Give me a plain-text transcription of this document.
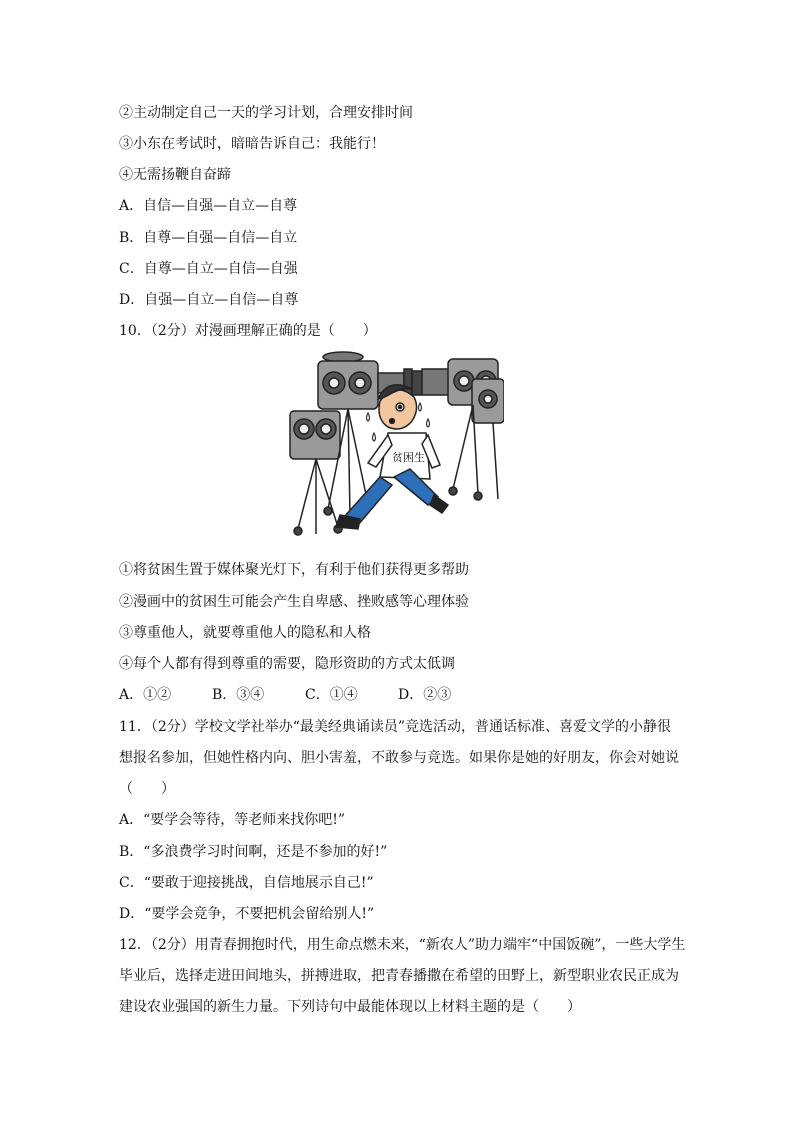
②主动制定自己一天的学习计划，合理安排时间
③小东在考试时，暗暗告诉自己：我能行！
④无需扬鞭自奋蹄
A．自信—自强—自立—自尊
B．自尊—自强—自信—自立
C．自尊—自立—自信—自强
D．自强—自立—自信—自尊
10．（2分）对漫画理解正确的是（　　）
贫困生
①将贫困生置于媒体聚光灯下，有利于他们获得更多帮助
②漫画中的贫困生可能会产生自卑感、挫败感等心理体验
③尊重他人，就要尊重他人的隐私和人格
④每个人都有得到尊重的需要，隐形资助的方式太低调
A．①②	B．③④	C．①④	D．②③
11．（2分）学校文学社举办“最美经典诵读员”竞选活动，普通话标准、喜爱文学的小静很
想报名参加，但她性格内向、胆小害羞，不敢参与竞选。如果你是她的好朋友，你会对她说
（　　）
A．“要学会等待，等老师来找你吧!”
B．“多浪费学习时间啊，还是不参加的好!”
C．“要敢于迎接挑战，自信地展示自己!”
D．“要学会竞争，不要把机会留给别人!”
12．（2分）用青春拥抱时代，用生命点燃未来，“新农人”助力端牢“中国饭碗”，一些大学生
毕业后，选择走进田间地头，拼搏进取，把青春播撒在希望的田野上，新型职业农民正成为
建设农业强国的新生力量。下列诗句中最能体现以上材料主题的是（　　）
